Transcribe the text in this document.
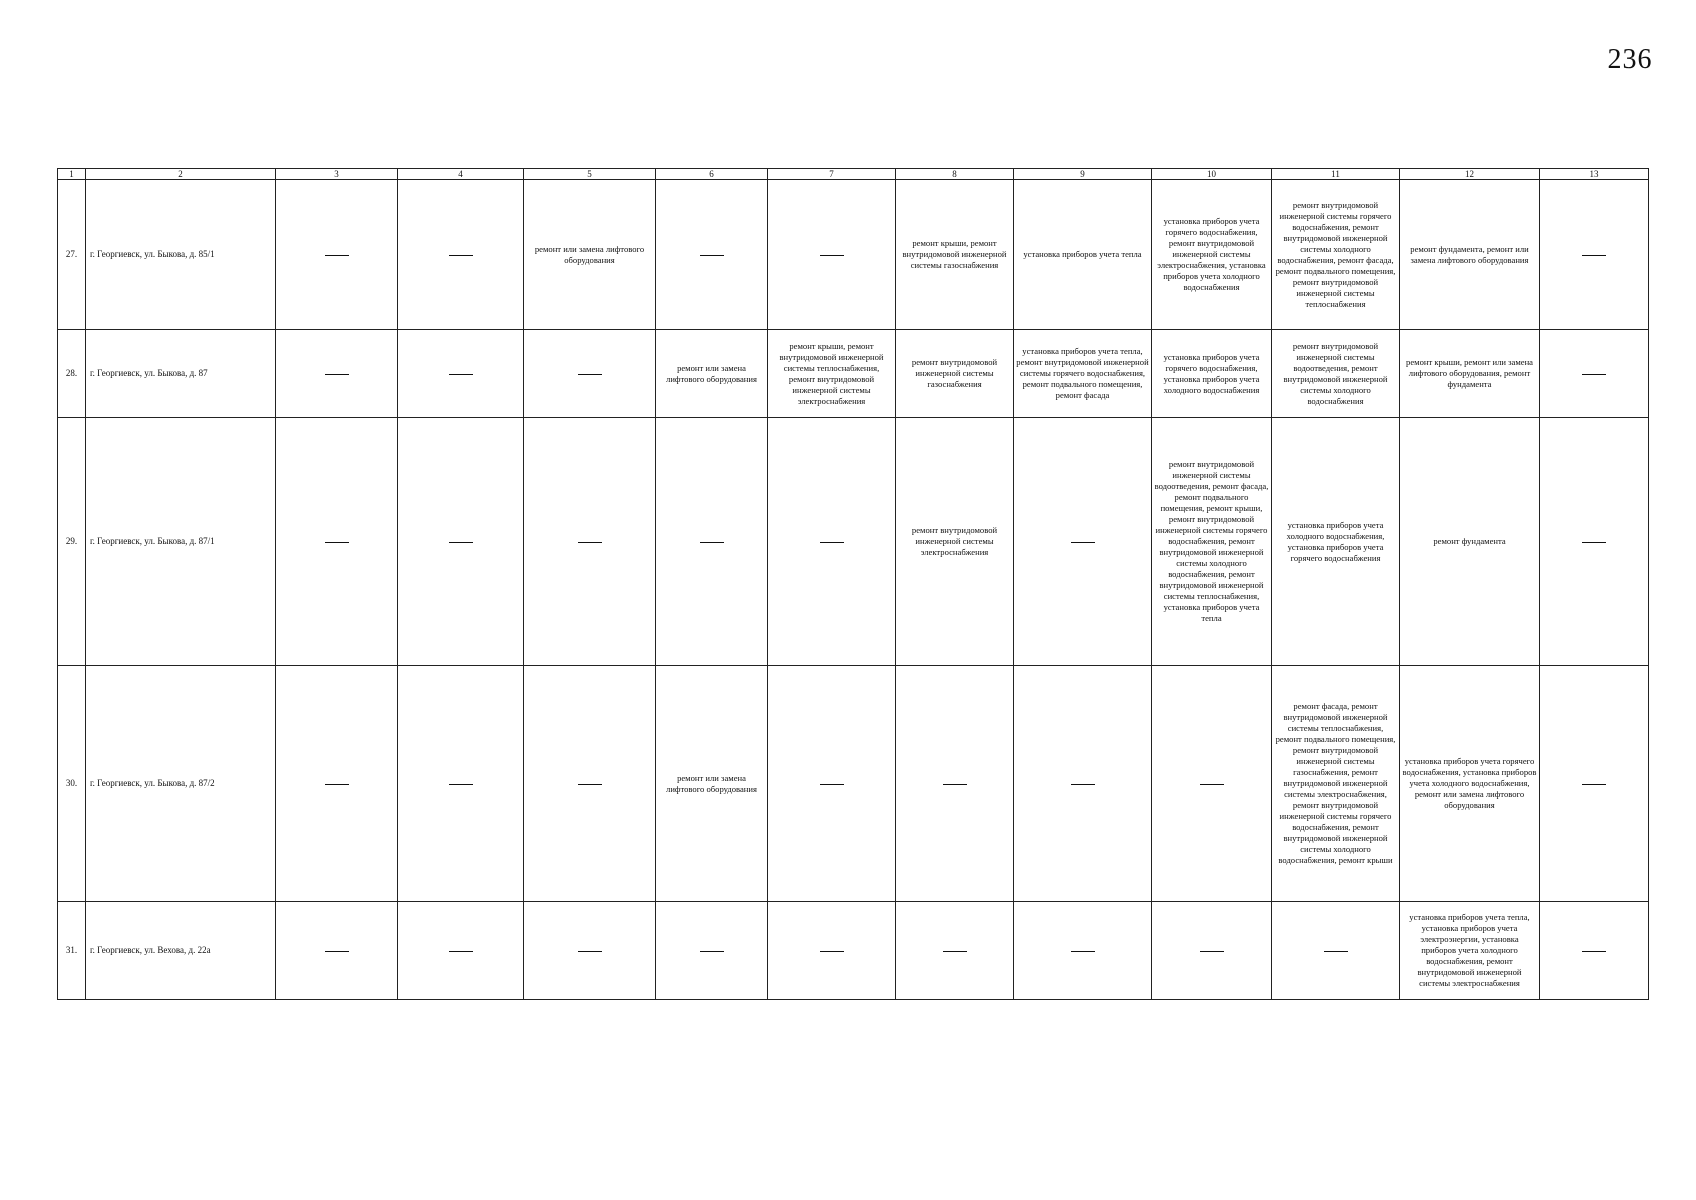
236
1	2	3	4	5	6	7	8	9	10	11	12	13
27.	г. Георгиевск, ул. Быкова, д. 85/1			ремонт или замена лифтового оборудования			ремонт крыши, ремонт внутридомовой инженерной системы газоснабжения	установка приборов учета тепла	установка приборов учета горячего водоснабжения, ремонт внутридомовой инженерной системы электроснабжения, установка приборов учета холодного водоснабжения	ремонт внутридомовой инженерной системы горячего водоснабжения, ремонт внутридомовой инженерной системы холодного водоснабжения, ремонт фасада, ремонт подвального помещения, ремонт внутридомовой инженерной системы теплоснабжения	ремонт фундамента, ремонт или замена лифтового оборудования	
28.	г. Георгиевск, ул. Быкова, д. 87				ремонт или замена лифтового оборудования	ремонт крыши, ремонт внутридомовой инженерной системы теплоснабжения, ремонт внутридомовой инженерной системы электроснабжения	ремонт внутридомовой инженерной системы газоснабжения	установка приборов учета тепла, ремонт внутридомовой инженерной системы горячего водоснабжения, ремонт подвального помещения, ремонт фасада	установка приборов учета горячего водоснабжения, установка приборов учета холодного водоснабжения	ремонт внутридомовой инженерной системы водоотведения, ремонт внутридомовой инженерной системы холодного водоснабжения	ремонт крыши, ремонт или замена лифтового оборудования, ремонт фундамента	
29.	г. Георгиевск, ул. Быкова, д. 87/1						ремонт внутридомовой инженерной системы электроснабжения		ремонт внутридомовой инженерной системы водоотведения, ремонт фасада, ремонт подвального помещения, ремонт крыши, ремонт внутридомовой инженерной системы горячего водоснабжения, ремонт внутридомовой инженерной системы холодного водоснабжения, ремонт внутридомовой инженерной системы теплоснабжения, установка приборов учета тепла	установка приборов учета холодного водоснабжения, установка приборов учета горячего водоснабжения	ремонт фундамента	
30.	г. Георгиевск, ул. Быкова, д. 87/2				ремонт или замена лифтового оборудования					ремонт фасада, ремонт внутридомовой инженерной системы теплоснабжения, ремонт подвального помещения, ремонт внутридомовой инженерной системы газоснабжения, ремонт внутридомовой инженерной системы электроснабжения, ремонт внутридомовой инженерной системы горячего водоснабжения, ремонт внутридомовой инженерной системы холодного водоснабжения, ремонт крыши	установка приборов учета горячего водоснабжения, установка приборов учета холодного водоснабжения, ремонт или замена лифтового оборудования	
31.	г. Георгиевск, ул. Вехова, д. 22а										установка приборов учета тепла, установка приборов учета электроэнергии, установка приборов учета холодного водоснабжения, ремонт внутридомовой инженерной системы электроснабжения	
